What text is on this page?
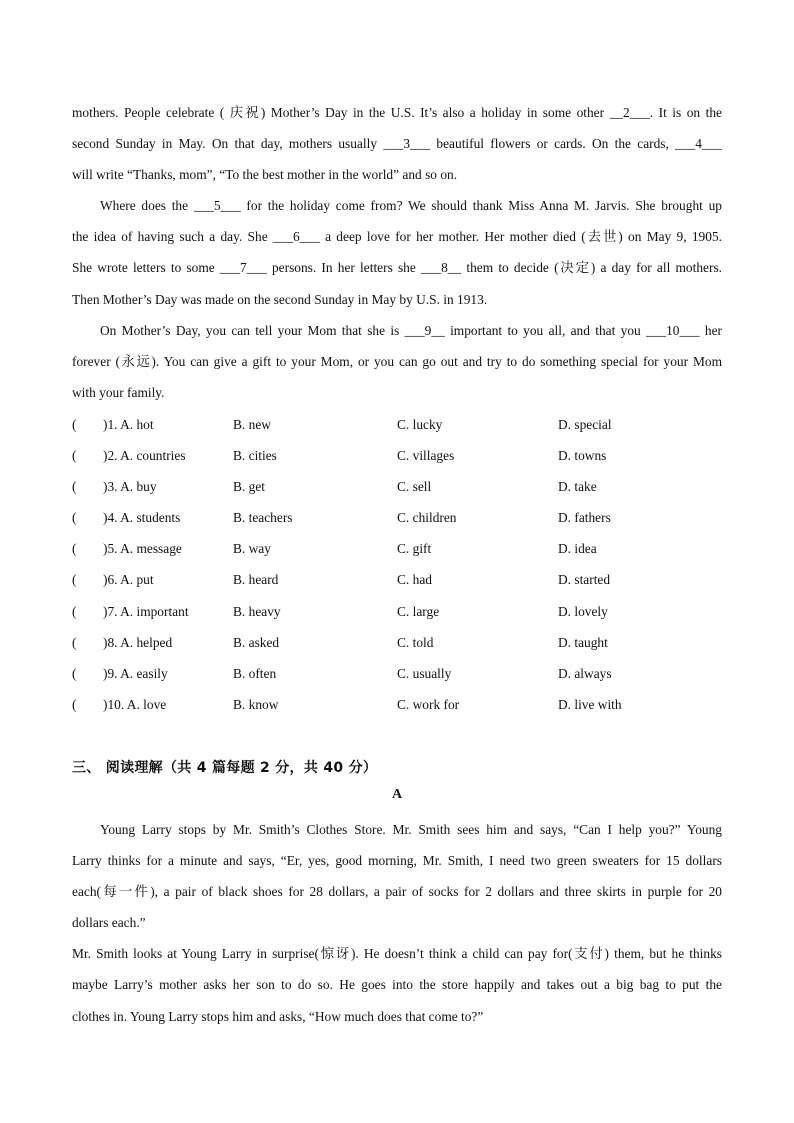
mothers. People celebrate ( 庆祝) Mother’s Day in the U.S. It’s also a holiday in some other __2___. It is on the
second Sunday in May. On that day, mothers usually ___3___ beautiful flowers or cards. On the cards, ___4___
will write “Thanks, mom”, “To the best mother in the world” and so on.
Where does the ___5___ for the holiday come from? We should thank Miss Anna M. Jarvis. She brought up
the idea of having such a day. She ___6___ a deep love for her mother. Her mother died (去世) on May 9, 1905.
She wrote letters to some ___7___ persons. In her letters she ___8__ them to decide (决定) a day for all mothers.
Then Mother’s Day was made on the second Sunday in May by U.S. in 1913.
On Mother’s Day, you can tell your Mom that she is ___9__ important to you all, and that you ___10___ her
forever (永远). You can give a gift to your Mom, or you can go out and try to do something special for your Mom
with your family.
( )1. A. hot	B. new	C. lucky	D. special
( )2. A. countries	B. cities	C. villages	D. towns
( )3. A. buy	B. get	C. sell	D. take
( )4. A. students	B. teachers	C. children	D. fathers
( )5. A. message	B. way	C. gift	D. idea
( )6. A. put	B. heard	C. had	D. started
( )7. A. important	B. heavy	C. large	D. lovely
( )8. A. helped	B. asked	C. told	D. taught
( )9. A. easily	B. often	C. usually	D. always
( )10. A. love	B. know	C. work for	D. live with
三、 阅读理解（共 4 篇每题 2 分，共 40 分）
A
Young Larry stops by Mr. Smith’s Clothes Store. Mr. Smith sees him and says, “Can I help you?” Young
Larry thinks for a minute and says, “Er, yes, good morning, Mr. Smith, I need two green sweaters for 15 dollars
each(每一件), a pair of black shoes for 28 dollars, a pair of socks for 2 dollars and three skirts in purple for 20
dollars each.”
Mr. Smith looks at Young Larry in surprise(惊讶). He doesn’t think a child can pay for(支付) them, but he thinks
maybe Larry’s mother asks her son to do so. He goes into the store happily and takes out a big bag to put the
clothes in. Young Larry stops him and asks, “How much does that come to?”
